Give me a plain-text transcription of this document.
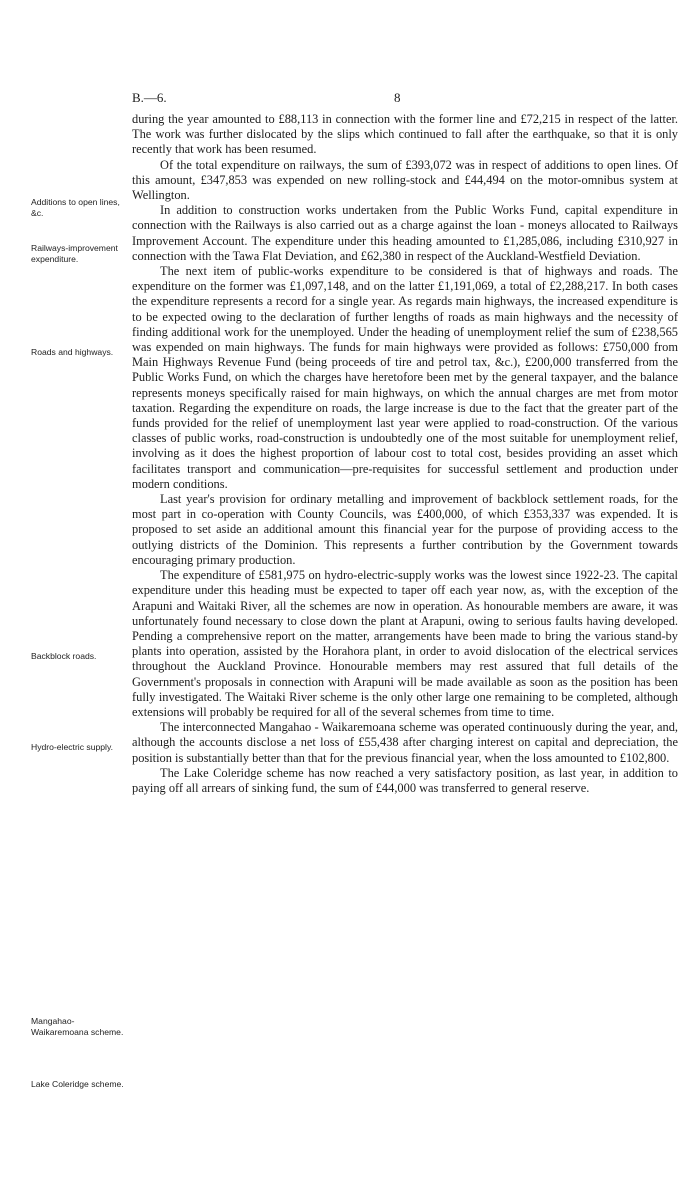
B.—6.	8
Additions to open lines, &c.
Railways-improvement expenditure.
Roads and highways.
Backblock roads.
Hydro-electric supply.
Mangahao-Waikaremoana scheme.
Lake Coleridge scheme.

during the year amounted to £88,113 in connection with the former line and £72,215 in respect of the latter. The work was further dislocated by the slips which continued to fall after the earthquake, so that it is only recently that work has been resumed.

Of the total expenditure on railways, the sum of £393,072 was in respect of additions to open lines. Of this amount, £347,853 was expended on new rolling-stock and £44,494 on the motor-omnibus system at Wellington.

In addition to construction works undertaken from the Public Works Fund, capital expenditure in connection with the Railways is also carried out as a charge against the loan - moneys allocated to Railways Improvement Account. The expenditure under this heading amounted to £1,285,086, including £310,927 in connection with the Tawa Flat Deviation, and £62,380 in respect of the Auckland-Westfield Deviation.

The next item of public-works expenditure to be considered is that of highways and roads. The expenditure on the former was £1,097,148, and on the latter £1,191,069, a total of £2,288,217. In both cases the expenditure represents a record for a single year. As regards main highways, the increased expenditure is to be expected owing to the declaration of further lengths of roads as main highways and the necessity of finding additional work for the unemployed. Under the heading of unemployment relief the sum of £238,565 was expended on main highways. The funds for main highways were provided as follows: £750,000 from Main Highways Revenue Fund (being proceeds of tire and petrol tax, &c.), £200,000 transferred from the Public Works Fund, on which the charges have heretofore been met by the general taxpayer, and the balance represents moneys specifically raised for main highways, on which the annual charges are met from motor taxation. Regarding the expenditure on roads, the large increase is due to the fact that the greater part of the funds provided for the relief of unemployment last year were applied to road-construction. Of the various classes of public works, road-construction is undoubtedly one of the most suitable for unemployment relief, involving as it does the highest proportion of labour cost to total cost, besides providing an asset which facilitates transport and communication—pre-requisites for successful settlement and production under modern conditions.

Last year's provision for ordinary metalling and improvement of backblock settlement roads, for the most part in co-operation with County Councils, was £400,000, of which £353,337 was expended. It is proposed to set aside an additional amount this financial year for the purpose of providing access to the outlying districts of the Dominion. This represents a further contribution by the Government towards encouraging primary production.

The expenditure of £581,975 on hydro-electric-supply works was the lowest since 1922-23. The capital expenditure under this heading must be expected to taper off each year now, as, with the exception of the Arapuni and Waitaki River, all the schemes are now in operation. As honourable members are aware, it was unfortunately found necessary to close down the plant at Arapuni, owing to serious faults having developed. Pending a comprehensive report on the matter, arrangements have been made to bring the various stand-by plants into operation, assisted by the Horahora plant, in order to avoid dislocation of the electrical services throughout the Auckland Province. Honourable members may rest assured that full details of the Government's proposals in connection with Arapuni will be made available as soon as the position has been fully investigated. The Waitaki River scheme is the only other large one remaining to be completed, although extensions will probably be required for all of the several schemes from time to time.

The interconnected Mangahao - Waikaremoana scheme was operated continuously during the year, and, although the accounts disclose a net loss of £55,438 after charging interest on capital and depreciation, the position is substantially better than that for the previous financial year, when the loss amounted to £102,800.

The Lake Coleridge scheme has now reached a very satisfactory position, as last year, in addition to paying off all arrears of sinking fund, the sum of £44,000 was transferred to general reserve.
